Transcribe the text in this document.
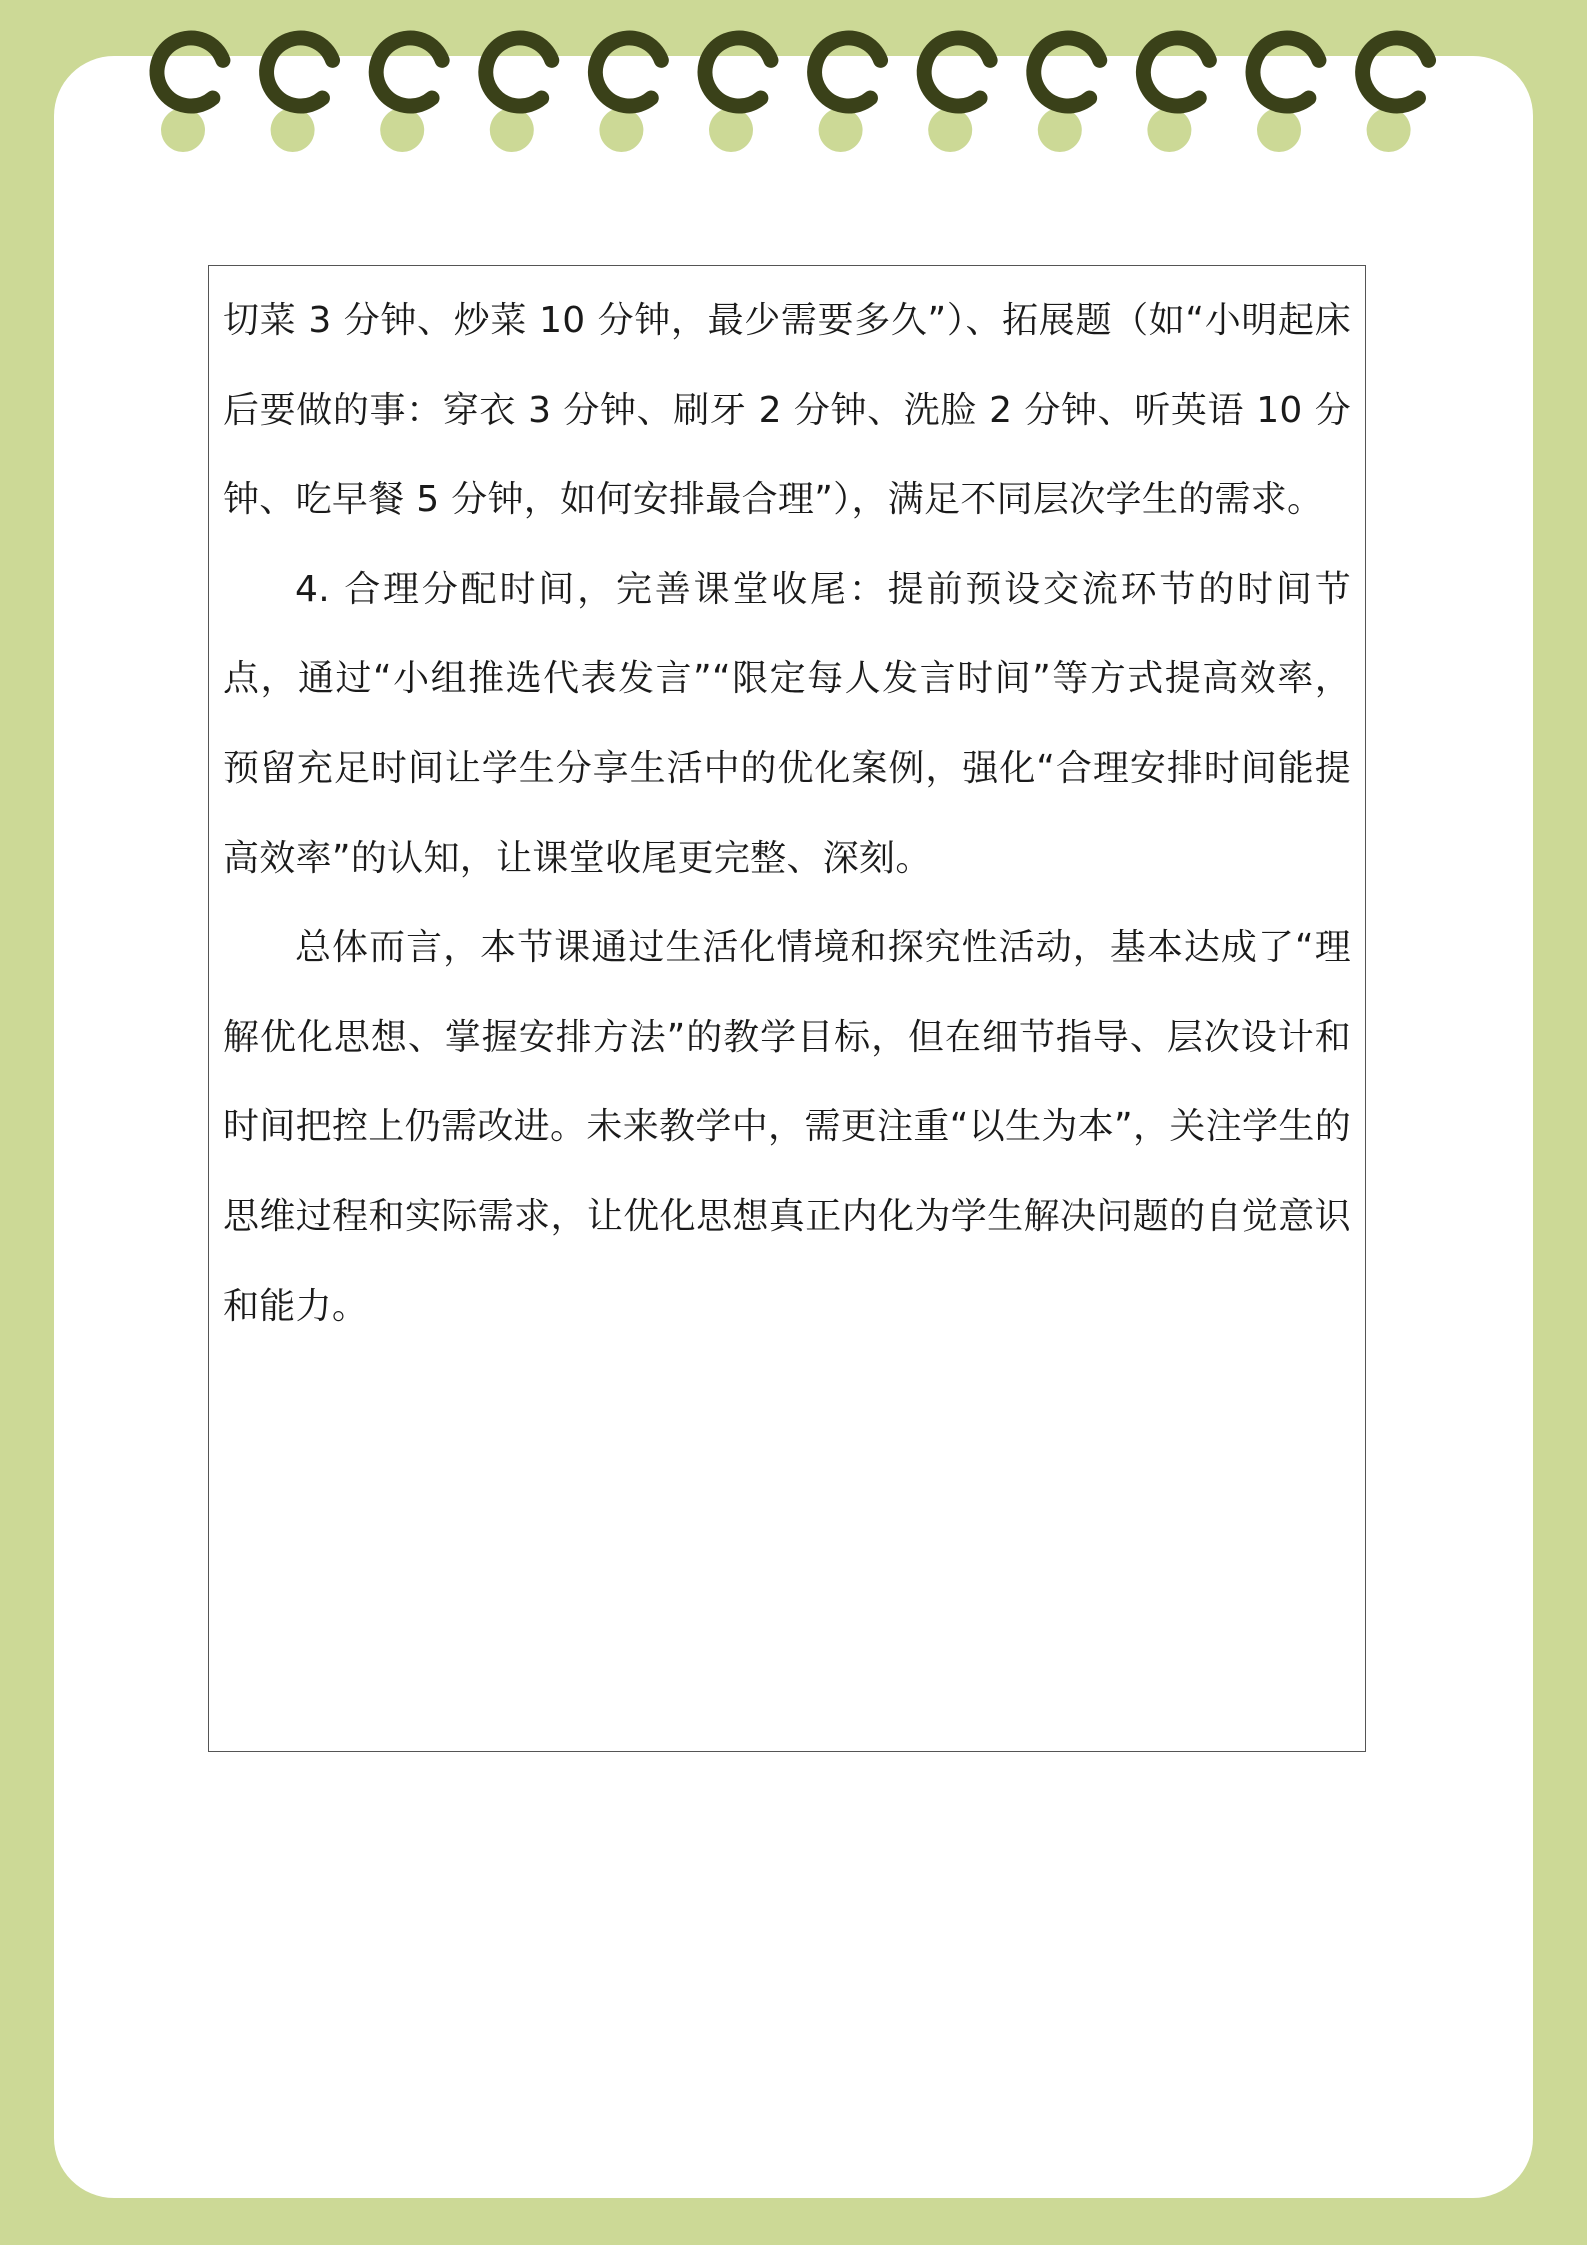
切菜 3 分钟、炒菜 10 分钟，最少需要多久”）、拓展题（如“小明起床后要做的事：穿衣 3 分钟、刷牙 2 分钟、洗脸 2 分钟、听英语 10 分钟、吃早餐 5 分钟，如何安排最合理”），满足不同层次学生的需求。

4. 合理分配时间，完善课堂收尾：提前预设交流环节的时间节点，通过“小组推选代表发言”“限定每人发言时间”等方式提高效率，预留充足时间让学生分享生活中的优化案例，强化“合理安排时间能提高效率”的认知，让课堂收尾更完整、深刻。

总体而言，本节课通过生活化情境和探究性活动，基本达成了“理解优化思想、掌握安排方法”的教学目标，但在细节指导、层次设计和时间把控上仍需改进。未来教学中，需更注重“以生为本”，关注学生的思维过程和实际需求，让优化思想真正内化为学生解决问题的自觉意识和能力。
